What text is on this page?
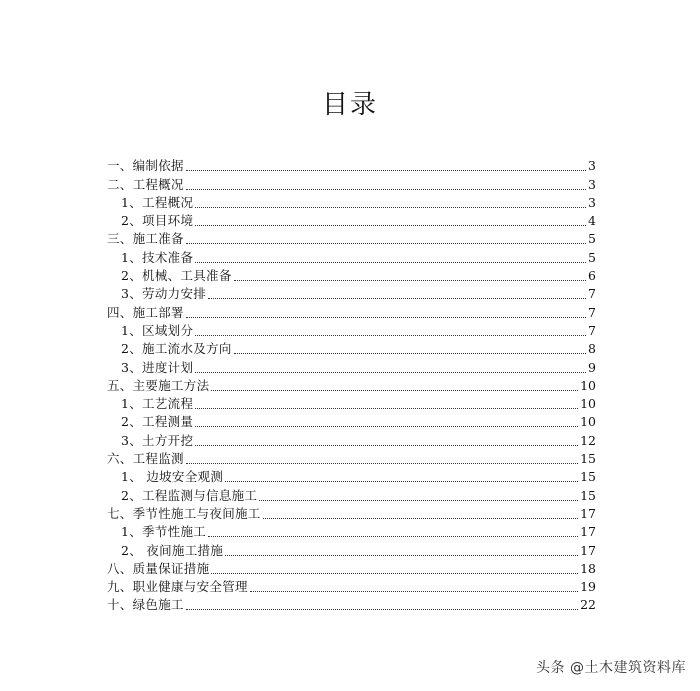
目录
一、编制依据	3
二、工程概况	3
1、工程概况	3
2、项目环境	4
三、施工准备	5
1、技术准备	5
2、机械、工具准备	6
3、劳动力安排	7
四、施工部署	7
1、区域划分	7
2、施工流水及方向	8
3、进度计划	9
五、主要施工方法	10
1、工艺流程	10
2、工程测量	10
3、土方开挖	12
六、工程监测	15
1、 边坡安全观测	15
2、工程监测与信息施工	15
七、季节性施工与夜间施工	17
1、季节性施工	17
2、 夜间施工措施	17
八、质量保证措施	18
九、职业健康与安全管理	19
十、绿色施工	22
头条 @土木建筑资料库
